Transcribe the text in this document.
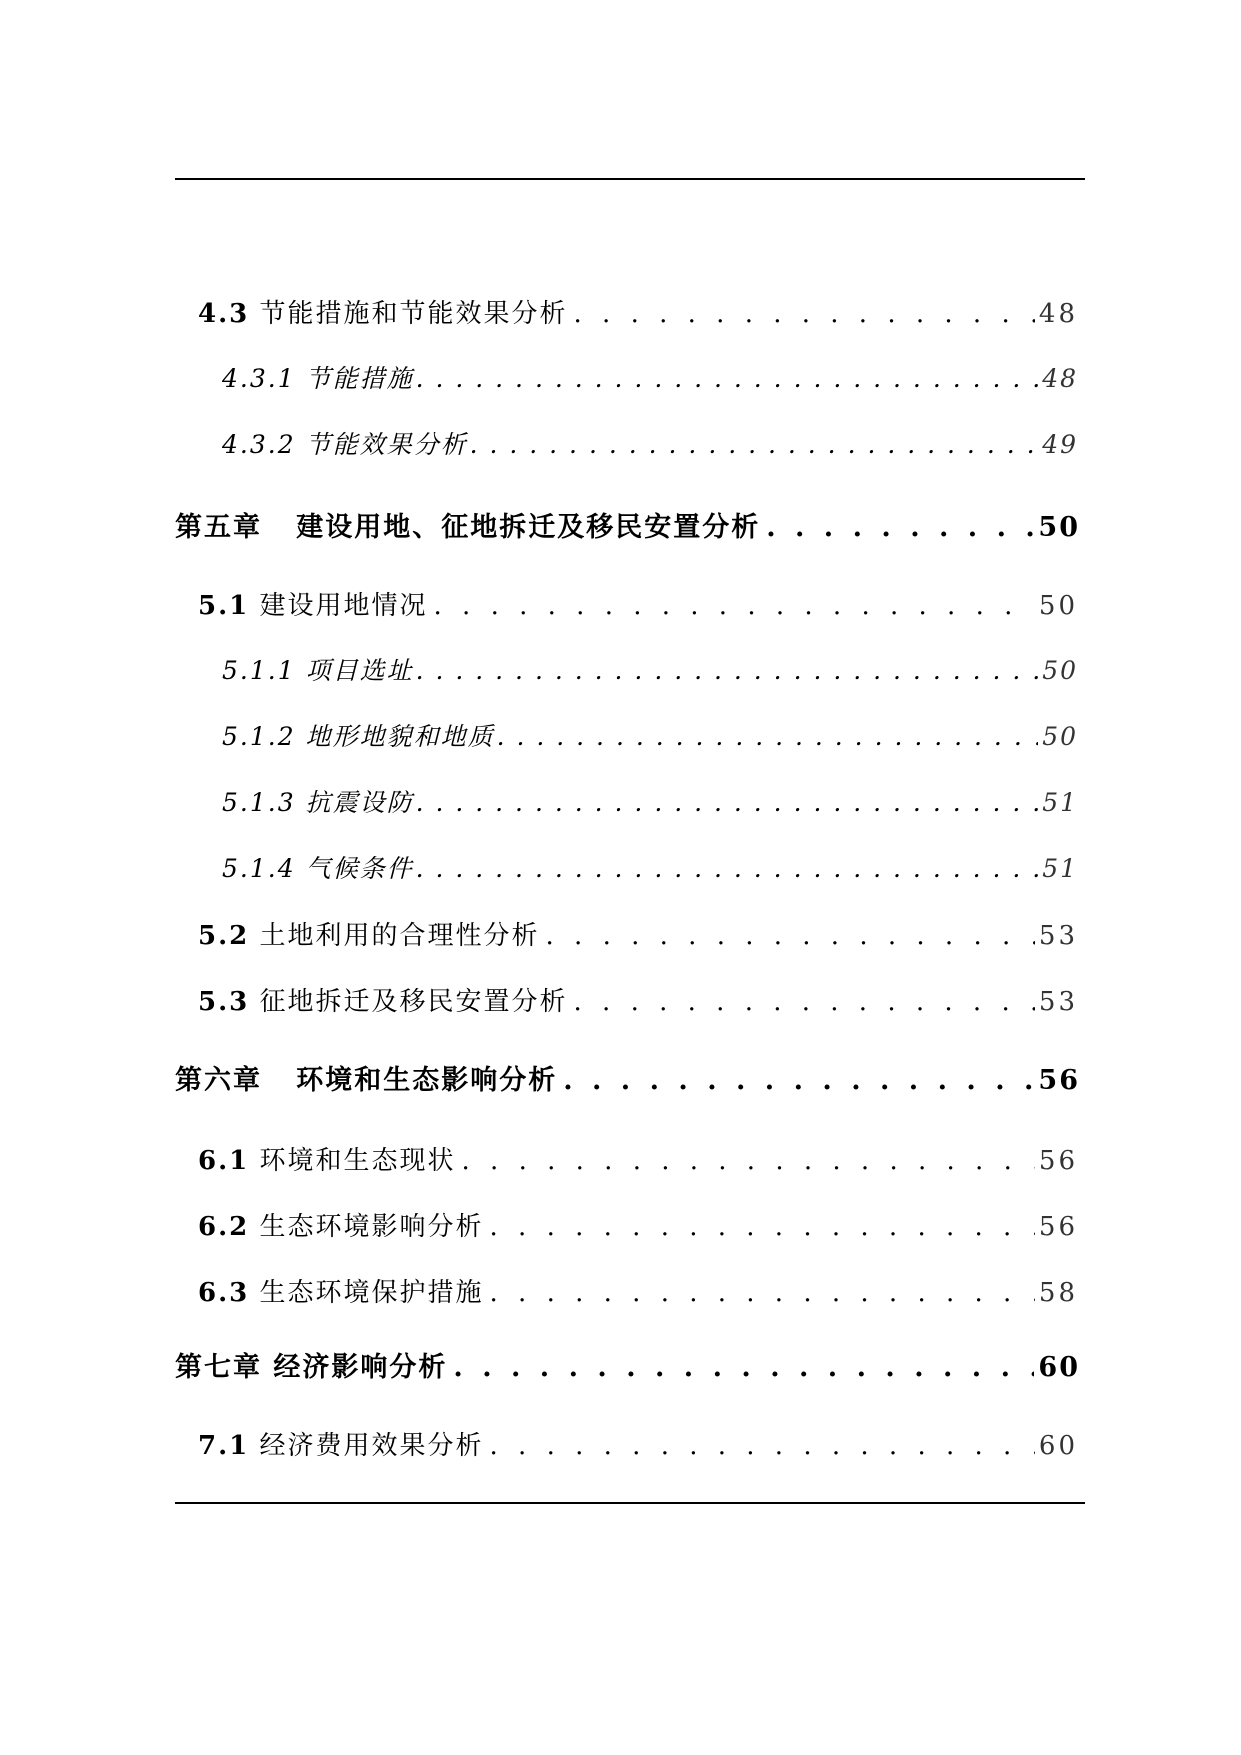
4.3 节能措施和节能效果分析 . . .	48
4.3.1 节能措施 . . .	48
4.3.2 节能效果分析 . . .	49
第五章 建设用地、征地拆迁及移民安置分析 . . .	50
5.1 建设用地情况 . . .	50
5.1.1 项目选址 . . .	50
5.1.2 地形地貌和地质 . . .	50
5.1.3 抗震设防 . . .	51
5.1.4 气候条件 . . .	51
5.2 土地利用的合理性分析 . . .	53
5.3 征地拆迁及移民安置分析 . . .	53
第六章 环境和生态影响分析 . . .	56
6.1 环境和生态现状 . . .	56
6.2 生态环境影响分析 . . .	56
6.3 生态环境保护措施 . . .	58
第七章 经济影响分析 . . .	60
7.1 经济费用效果分析 . . .	60
